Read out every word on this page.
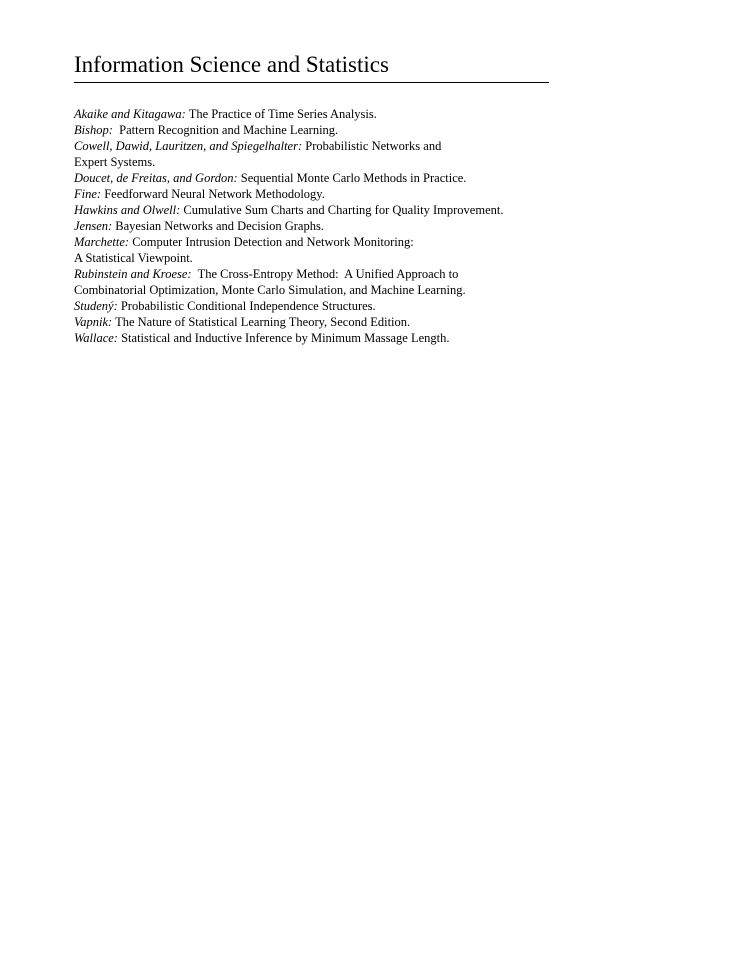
Information Science and Statistics
Akaike and Kitagawa: The Practice of Time Series Analysis.
Bishop:  Pattern Recognition and Machine Learning.
Cowell, Dawid, Lauritzen, and Spiegelhalter: Probabilistic Networks and
Expert Systems.
Doucet, de Freitas, and Gordon: Sequential Monte Carlo Methods in Practice.
Fine: Feedforward Neural Network Methodology.
Hawkins and Olwell: Cumulative Sum Charts and Charting for Quality Improvement.
Jensen: Bayesian Networks and Decision Graphs.
Marchette: Computer Intrusion Detection and Network Monitoring:
A Statistical Viewpoint.
Rubinstein and Kroese:  The Cross-Entropy Method:  A Unified Approach to
Combinatorial Optimization, Monte Carlo Simulation, and Machine Learning.
Studený: Probabilistic Conditional Independence Structures.
Vapnik: The Nature of Statistical Learning Theory, Second Edition.
Wallace: Statistical and Inductive Inference by Minimum Massage Length.
